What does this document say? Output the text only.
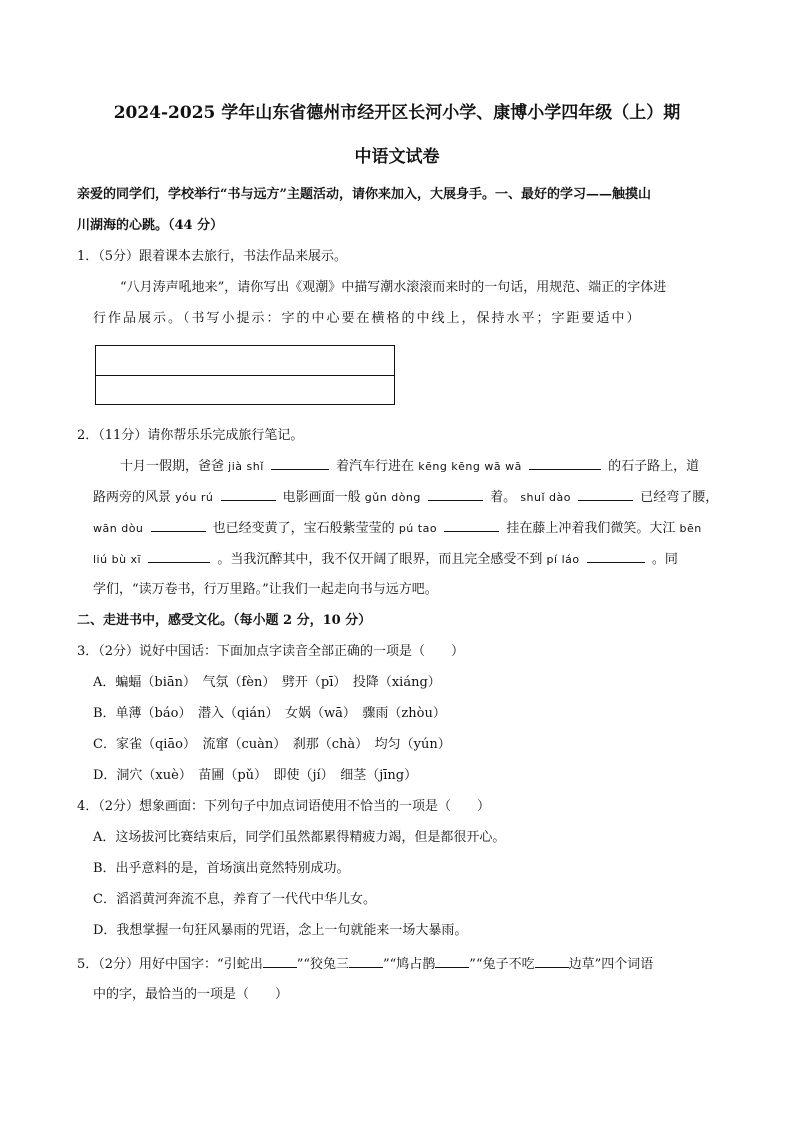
2024-2025 学年山东省德州市经开区长河小学、康博小学四年级（上）期
中语文试卷
亲爱的同学们，学校举行“书与远方”主题活动，请你来加入，大展身手。一、最好的学习——触摸山
川湖海的心跳。（44 分）
1．（5分）跟着课本去旅行，书法作品来展示。
“八月涛声吼地来”，请你写出《观潮》中描写潮水滚滚而来时的一句话，用规范、端正的字体进
行作品展示。（书写小提示：字的中心要在横格的中线上，保持水平；字距要适中）
2．（11分）请你帮乐乐完成旅行笔记。
十月一假期，爸爸 jià shǐ	着汽车行进在 kēng kēng wā wā	的石子路上，道
路两旁的风景 yóu rú	电影画面一般 gǔn dòng	着。 shuǐ dào	已经弯了腰，
wān dòu	也已经变黄了，宝石般紫莹莹的 pú tao	挂在藤上冲着我们微笑。大江 bēn
liú bù xī	。当我沉醉其中，我不仅开阔了眼界，而且完全感受不到 pí láo	。同
学们，“读万卷书，行万里路。”让我们一起走向书与远方吧。
二、走进书中，感受文化。（每小题 2 分，10 分）
3．（2分）说好中国话：下面加点字读音全部正确的一项是（　　）
A．蝙蝠（biān）　气氛（fèn）　劈开（pī）　投降（xiáng）
B．单薄（báo）　潜入（qián）　女娲（wā）　骤雨（zhòu）
C．家雀（qiāo）　流窜（cuàn）　刹那（chà）　均匀（yún）
D．洞穴（xuè）　苗圃（pǔ）　即使（jí）　细茎（jīng）
4．（2分）想象画面：下列句子中加点词语使用不恰当的一项是（　　）
A．这场拔河比赛结束后，同学们虽然都累得精疲力竭，但是都很开心。
B．出乎意料的是，首场演出竟然特别成功。
C．滔滔黄河奔流不息，养育了一代代中华儿女。
D．我想掌握一句狂风暴雨的咒语，念上一句就能来一场大暴雨。
5．（2分）用好中国字：“引蛇出	”“狡兔三	”“鸠占鹊	”“兔子不吃	边草”四个词语
中的字，最恰当的一项是（　　）
